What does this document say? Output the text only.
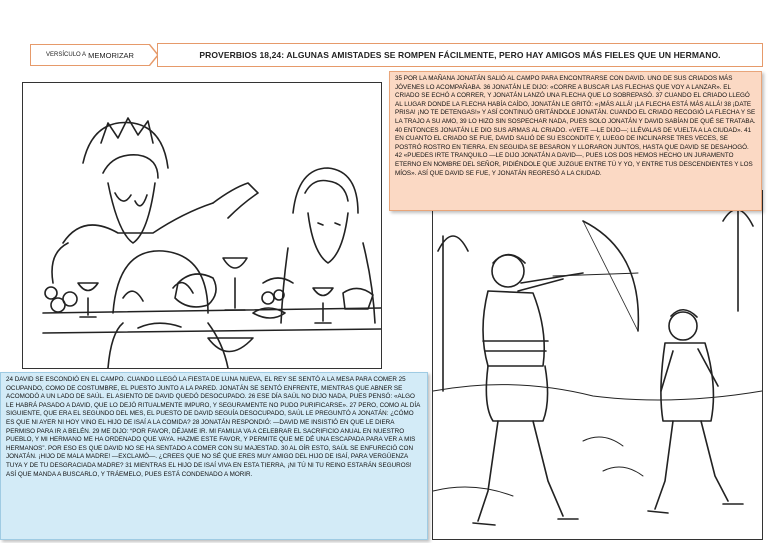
VERSÍCULO A
MEMORIZAR	PROVERBIOS 18,24: ALGUNAS AMISTADES SE ROMPEN FÁCILMENTE, PERO HAY AMIGOS MÁS FIELES QUE UN HERMANO.

35 POR LA MAÑANA JONATÁN SALIÓ AL CAMPO PARA ENCONTRARSE CON DAVID. UNO DE SUS CRIADOS MÁS JÓVENES LO ACOMPAÑABA. 36 JONATÁN LE DIJO: «CORRE A BUSCAR LAS FLECHAS QUE VOY A LANZAR». EL CRIADO SE ECHÓ A CORRER, Y JONATÁN LANZÓ UNA FLECHA QUE LO SOBREPASÓ. 37 CUANDO EL CRIADO LLEGÓ AL LUGAR DONDE LA FLECHA HABÍA CAÍDO, JONATÁN LE GRITÓ: «¡MÁS ALLÁ! ¡LA FLECHA ESTÁ MÁS ALLÁ! 38 ¡DATE PRISA! ¡NO TE DETENGAS!» Y ASÍ CONTINUÓ GRITÁNDOLE JONATÁN. CUANDO EL CRIADO RECOGIÓ LA FLECHA Y SE LA TRAJO A SU AMO, 39 LO HIZO SIN SOSPECHAR NADA, PUES SOLO JONATÁN Y DAVID SABÍAN DE QUÉ SE TRATABA. 40 ENTONCES JONATÁN LE DIO SUS ARMAS AL CRIADO. «VETE —LE DIJO—; LLÉVALAS DE VUELTA A LA CIUDAD». 41 EN CUANTO EL CRIADO SE FUE, DAVID SALIÓ DE SU ESCONDITE Y, LUEGO DE INCLINARSE TRES VECES, SE POSTRÓ ROSTRO EN TIERRA. EN SEGUIDA SE BESARON Y LLORARON JUNTOS, HASTA QUE DAVID SE DESAHOGÓ. 42 «PUEDES IRTE TRANQUILO —LE DIJO JONATÁN A DAVID—, PUES LOS DOS HEMOS HECHO UN JURAMENTO ETERNO EN NOMBRE DEL SEÑOR, PIDIÉNDOLE QUE JUZGUE ENTRE TÚ Y YO, Y ENTRE TUS DESCENDIENTES Y LOS MÍOS». ASÍ QUE DAVID SE FUE, Y JONATÁN REGRESÓ A LA CIUDAD.

24 DAVID SE ESCONDIÓ EN EL CAMPO. CUANDO LLEGÓ LA FIESTA DE LUNA NUEVA, EL REY SE SENTÓ A LA MESA PARA COMER 25 OCUPANDO, COMO DE COSTUMBRE, EL PUESTO JUNTO A LA PARED. JONATÁN SE SENTÓ ENFRENTE, MIENTRAS QUE ABNER SE ACOMODÓ A UN LADO DE SAÚL. EL ASIENTO DE DAVID QUEDÓ DESOCUPADO. 26 ESE DÍA SAÚL NO DIJO NADA, PUES PENSÓ: «ALGO LE HABRÁ PASADO A DAVID, QUE LO DEJÓ RITUALMENTE IMPURO, Y SEGURAMENTE NO PUDO PURIFICARSE». 27 PERO, COMO AL DÍA SIGUIENTE, QUE ERA EL SEGUNDO DEL MES, EL PUESTO DE DAVID SEGUÍA DESOCUPADO, SAÚL LE PREGUNTÓ A JONATÁN: ¿CÓMO ES QUE NI AYER NI HOY VINO EL HIJO DE ISAÍ A LA COMIDA? 28 JONATÁN RESPONDIÓ: —DAVID ME INSISTIÓ EN QUE LE DIERA PERMISO PARA IR A BELÉN. 29 ME DIJO: “POR FAVOR, DÉJAME IR. MI FAMILIA VA A CELEBRAR EL SACRIFICIO ANUAL EN NUESTRO PUEBLO, Y MI HERMANO ME HA ORDENADO QUE VAYA. HAZME ESTE FAVOR, Y PERMITE QUE ME DÉ UNA ESCAPADA PARA VER A MIS HERMANOS”. POR ESO ES QUE DAVID NO SE HA SENTADO A COMER CON SU MAJESTAD. 30 AL OÍR ESTO, SAÚL SE ENFURECIÓ CON JONATÁN. ¡HIJO DE MALA MADRE! —EXCLAMÓ—. ¿CREES QUE NO SÉ QUE ERES MUY AMIGO DEL HIJO DE ISAÍ, PARA VERGÜENZA TUYA Y DE TU DESGRACIADA MADRE? 31 MIENTRAS EL HIJO DE ISAÍ VIVA EN ESTA TIERRA, ¡NI TÚ NI TU REINO ESTARÁN SEGUROS! ASÍ QUE MANDA A BUSCARLO, Y TRÁEMELO, PUES ESTÁ CONDENADO A MORIR.
